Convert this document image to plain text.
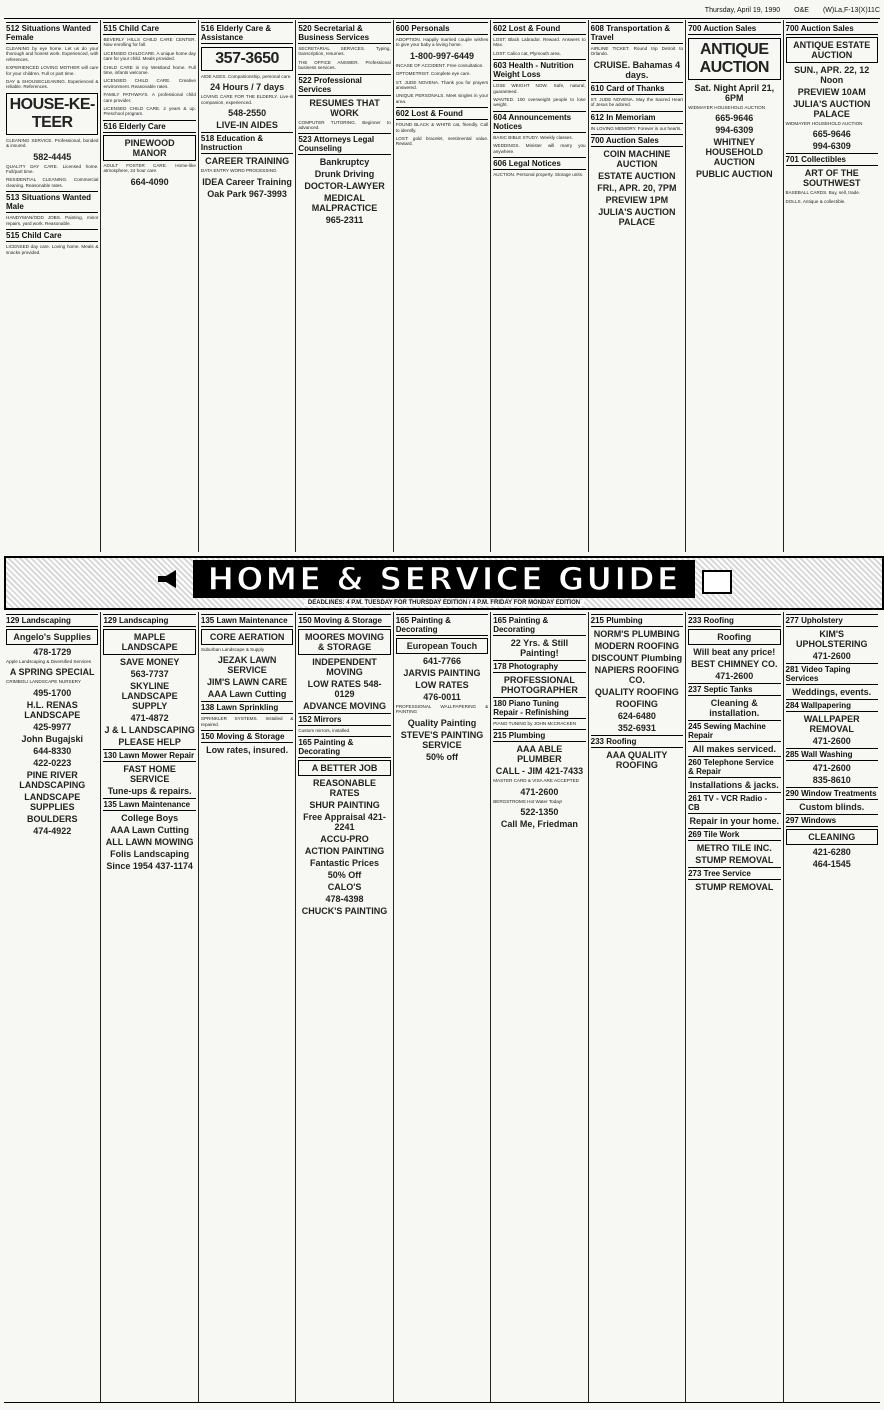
Thursday, April 19, 1990 O&E (W)La,F-13(X)11C
512 Situations Wanted Female
CLEANING by eye home. Let us do your thorough and honest work. Experienced, with references.
EXPERIENCED LOVING MOTHER will care for your children. Full or part time.
DAY & SHOUSECLEANING. Experienced & reliable. References.
HOUSE-KE-TEER
CLEANING SERVICE. Professional, bonded & insured.
582-4445
QUALITY DAY CARE. Licensed home. Full/part time.
RESIDENTIAL CLEANING. Commercial cleaning. Reasonable rates.
513 Situations Wanted Male
HANDYMAN/ODD JOBS. Painting, minor repairs, yard work. Reasonable.
515 Child Care
LICENSED day care. Loving home. Meals & snacks provided.
515 Child Care
BEVERLY HILLS CHILD CARE CENTER. Now enrolling for fall.
LICENSED CHILDCARE. A unique home day care for your child. Meals provided.
CHILD CARE in my Westland home. Full time, infants welcome.
LICENSED CHILD CARE. Creative environment. Reasonable rates.
FAMILY PATHWAYS. A professional child care provider.
LICENSED CHILD CARE. 2 years & up. Preschool program.
516 Elderly Care
PINEWOOD MANOR
ADULT FOSTER CARE. Home-like atmosphere, 24 hour care.
664-4090
516 Elderly Care & Assistance
357-3650
AIDE AGES. Companionship, personal care.
24 Hours / 7 days
LOVING CARE FOR THE ELDERLY. Live-in companion, experienced.
548-2550
LIVE-IN AIDES
518 Education & Instruction
CAREER TRAINING
DATA ENTRY WORD PROCESSING
IDEA Career Training
Oak Park 967-3993
520 Secretarial & Business Services
SECRETARIAL SERVICES. Typing, transcription, resumes.
THE OFFICE ANSWER. Professional business services.
522 Professional Services
RESUMES THAT WORK
COMPUTER TUTORING. Beginner to advanced.
523 Attorneys Legal Counseling
Bankruptcy
Drunk Driving
DOCTOR-LAWYER
MEDICAL MALPRACTICE
965-2311
600 Personals
ADOPTION. Happily married couple wishes to give your baby a loving home.
1-800-997-6449
INCASE OF ACCIDENT. Free consultation.
OPTOMETRIST. Complete eye care.
ST. JUDE NOVENA. Thank you for prayers answered.
UNIQUE PERSONALS. Meet singles in your area.
602 Lost & Found
FOUND BLACK & WHITE cat, friendly. Call to identify.
LOST: gold bracelet, sentimental value. Reward.
602 Lost & Found
LOST: Black Labrador. Reward. Answers to Max.
LOST: Calico cat, Plymouth area.
603 Health - Nutrition Weight Loss
LOSE WEIGHT NOW. Safe, natural, guaranteed.
WANTED. 100 overweight people to lose weight.
604 Announcements Notices
BASIC BIBLE STUDY. Weekly classes.
WEDDINGS. Minister will marry you anywhere.
606 Legal Notices
AUCTION. Personal property. Storage units.
608 Transportation & Travel
AIRLINE TICKET. Round trip Detroit to Orlando.
CRUISE. Bahamas 4 days.
610 Card of Thanks
ST. JUDE NOVENA. May the Sacred Heart of Jesus be adored.
612 In Memoriam
IN LOVING MEMORY. Forever in our hearts.
700 Auction Sales
COIN MACHINE AUCTION
ESTATE AUCTION
FRI., APR. 20, 7PM
PREVIEW 1PM
JULIA'S AUCTION PALACE
700 Auction Sales
ANTIQUE AUCTION
Sat. Night April 21, 6PM
WIDMAYER HOUSEHOLD AUCTION
665-9646
994-6309
WHITNEY HOUSEHOLD AUCTION
PUBLIC AUCTION
700 Auction Sales
ANTIQUE ESTATE AUCTION
SUN., APR. 22, 12 Noon
PREVIEW 10AM
JULIA'S AUCTION PALACE
WIDMAYER HOUSEHOLD AUCTION
665-9646
994-6309
701 Collectibles
ART OF THE SOUTHWEST
BASEBALL CARDS. Buy, sell, trade.
DOLLS. Antique & collectible.
HOME & SERVICE GUIDE
DEADLINES: 4 P.M. TUESDAY FOR THURSDAY EDITION / 4 P.M. FRIDAY FOR MONDAY EDITION
129 Landscaping
Angelo's Supplies
478-1729
Apple Landscaping & Diversified Services
A SPRING SPECIAL
CRIMBOLI LANDSCAPE NURSERY
495-1700
H.L. RENAS LANDSCAPE
425-9977
John Bugajski
644-8330
422-0223
PINE RIVER LANDSCAPING
LANDSCAPE SUPPLIES
BOULDERS
474-4922
129 Landscaping
MAPLE LANDSCAPE
SAVE MONEY
563-7737
SKYLINE LANDSCAPE SUPPLY
471-4872
J & L LANDSCAPING
PLEASE HELP
130 Lawn Mower Repair
FAST HOME SERVICE
Tune-ups & repairs.
135 Lawn Maintenance
College Boys
AAA Lawn Cutting
ALL LAWN MOWING
Folis Landscaping
Since 1954 437-1174
135 Lawn Maintenance
CORE AERATION
Suburban Landscape & Supply
JEZAK LAWN SERVICE
JIM'S LAWN CARE
AAA Lawn Cutting
138 Lawn Sprinkling
SPRINKLER SYSTEMS. Installed & repaired.
150 Moving & Storage
Low rates, insured.
150 Moving & Storage
MOORES MOVING & STORAGE
INDEPENDENT MOVING
LOW RATES 548-0129
ADVANCE MOVING
152 Mirrors
Custom mirrors, installed.
165 Painting & Decorating
A BETTER JOB
REASONABLE RATES
SHUR PAINTING
Free Appraisal 421-2241
ACCU-PRO
ACTION PAINTING
Fantastic Prices
50% Off
CALO'S
478-4398
CHUCK'S PAINTING
165 Painting & Decorating
European Touch
641-7766
JARVIS PAINTING
LOW RATES
476-0011
PROFESSIONAL WALLPAPERING & PAINTING
Quality Painting
STEVE'S PAINTING SERVICE
50% off
165 Painting & Decorating
22 Yrs. & Still Painting!
178 Photography
PROFESSIONAL PHOTOGRAPHER
180 Piano Tuning Repair - Refinishing
PIANO TUNING by JOHN McCRACKEN
215 Plumbing
AAA ABLE PLUMBER
CALL - JIM 421-7433
MASTER CARD & VISA ARE ACCEPTED
471-2600
BERGSTROMS Hot Water Today!
522-1350
Call Me, Friedman
215 Plumbing
NORM'S PLUMBING
MODERN ROOFING
DISCOUNT Plumbing
NAPIERS ROOFING CO.
QUALITY ROOFING
ROOFING
624-6480
352-6931
233 Roofing
AAA QUALITY ROOFING
233 Roofing
Roofing
Will beat any price!
BEST CHIMNEY CO.
471-2600
237 Septic Tanks
Cleaning & installation.
245 Sewing Machine Repair
All makes serviced.
260 Telephone Service & Repair
Installations & jacks.
261 TV - VCR Radio - CB
Repair in your home.
269 Tile Work
METRO TILE INC.
STUMP REMOVAL
273 Tree Service
STUMP REMOVAL
277 Upholstery
KIM'S UPHOLSTERING
471-2600
281 Video Taping Services
Weddings, events.
284 Wallpapering
WALLPAPER REMOVAL
471-2600
285 Wall Washing
471-2600
835-8610
290 Window Treatments
Custom blinds.
297 Windows
CLEANING
421-6280
464-1545
